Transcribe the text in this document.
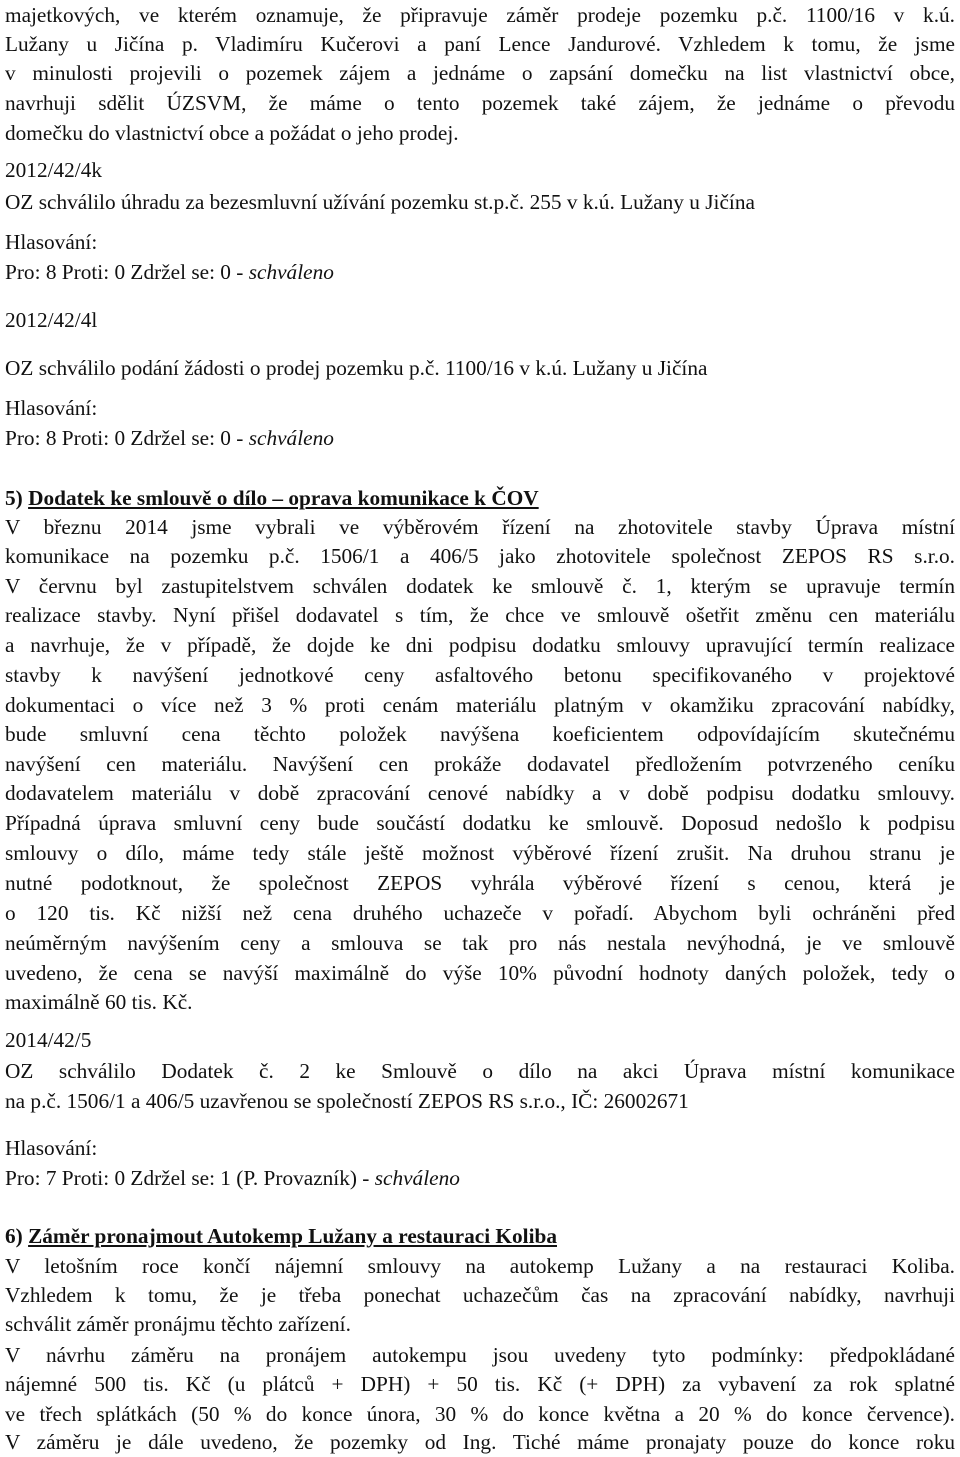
majetkových, ve kterém oznamuje, že připravuje záměr prodeje pozemku p.č. 1100/16 v k.ú.
Lužany u Jičína p. Vladimíru Kučerovi a paní Lence Jandurové. Vzhledem k tomu, že jsme
v minulosti projevili o pozemek zájem a jednáme o zapsání domečku na list vlastnictví obce,
navrhuji sdělit ÚZSVM, že máme o tento pozemek také zájem, že jednáme o převodu
domečku do vlastnictví obce a požádat o jeho prodej.
2012/42/4k
OZ schválilo úhradu za bezesmluvní užívání pozemku st.p.č. 255 v k.ú. Lužany u Jičína
Hlasování:
Pro: 8 Proti: 0 Zdržel se: 0 - schváleno
2012/42/4l
OZ schválilo podání žádosti o prodej pozemku p.č. 1100/16 v k.ú. Lužany u Jičína
Hlasování:
Pro: 8 Proti: 0 Zdržel se: 0 - schváleno
5) Dodatek ke smlouvě o dílo – oprava komunikace k ČOV
V březnu 2014 jsme vybrali ve výběrovém řízení na zhotovitele stavby Úprava místní
komunikace na pozemku p.č. 1506/1 a 406/5 jako zhotovitele společnost ZEPOS RS s.r.o.
V červnu byl zastupitelstvem schválen dodatek ke smlouvě č. 1, kterým se upravuje termín
realizace stavby. Nyní přišel dodavatel s tím, že chce ve smlouvě ošetřit změnu cen materiálu
a navrhuje, že v případě, že dojde ke dni podpisu dodatku smlouvy upravující termín realizace
stavby k navýšení jednotkové ceny asfaltového betonu specifikovaného v projektové
dokumentaci o více než 3 % proti cenám materiálu platným v okamžiku zpracování nabídky,
bude smluvní cena těchto položek navýšena koeficientem odpovídajícím skutečnému
navýšení cen materiálu. Navýšení cen prokáže dodavatel předložením potvrzeného ceníku
dodavatelem materiálu v době zpracování cenové nabídky a v době podpisu dodatku smlouvy.
Případná úprava smluvní ceny bude součástí dodatku ke smlouvě. Doposud nedošlo k podpisu
smlouvy o dílo, máme tedy stále ještě možnost výběrové řízení zrušit. Na druhou stranu je
nutné podotknout, že společnost ZEPOS vyhrála výběrové řízení s cenou, která je
o 120 tis. Kč nižší než cena druhého uchazeče v pořadí. Abychom byli ochráněni před
neúměrným navýšením ceny a smlouva se tak pro nás nestala nevýhodná, je ve smlouvě
uvedeno, že cena se navýší maximálně do výše 10% původní hodnoty daných položek, tedy o
maximálně 60 tis. Kč.
2014/42/5
OZ schválilo Dodatek č. 2 ke Smlouvě o dílo na akci Úprava místní komunikace
na p.č. 1506/1 a 406/5 uzavřenou se společností ZEPOS RS s.r.o., IČ: 26002671
Hlasování:
Pro: 7 Proti: 0 Zdržel se: 1 (P. Provazník) - schváleno
6) Záměr pronajmout Autokemp Lužany a restauraci Koliba
V letošním roce končí nájemní smlouvy na autokemp Lužany a na restauraci Koliba.
Vzhledem k tomu, že je třeba ponechat uchazečům čas na zpracování nabídky, navrhuji
schválit záměr pronájmu těchto zařízení.
V návrhu záměru na pronájem autokempu jsou uvedeny tyto podmínky: předpokládané
nájemné 500 tis. Kč (u plátců + DPH) + 50 tis. Kč (+ DPH) za vybavení za rok splatné
ve třech splátkách (50 % do konce února, 30 % do konce května a 20 % do konce července).
V záměru je dále uvedeno, že pozemky od Ing. Tiché máme pronajaty pouze do konce roku
